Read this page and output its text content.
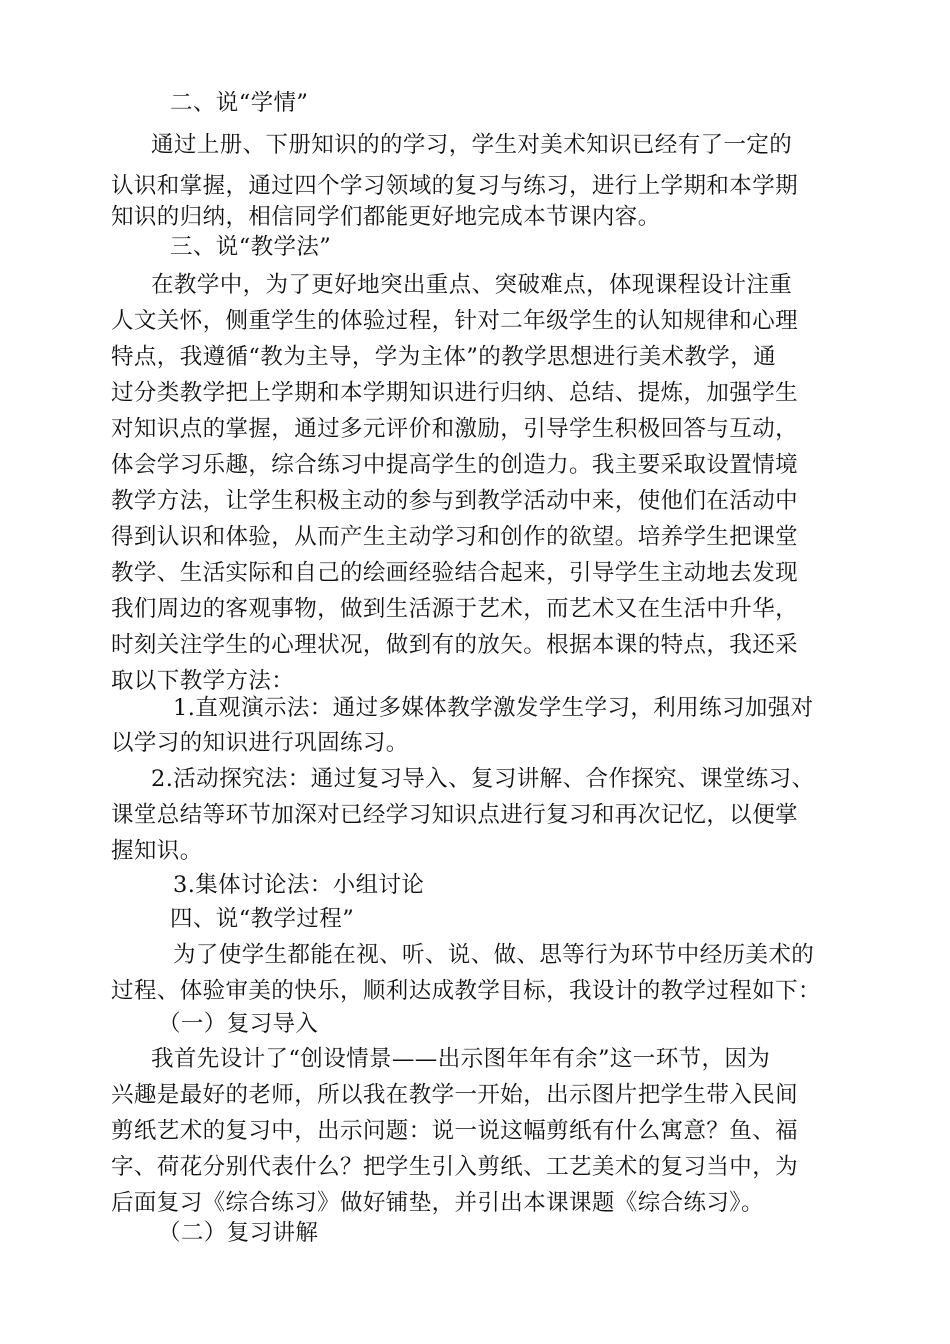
二、说“学情”
通过上册、下册知识的的学习，学生对美术知识已经有了一定的
认识和掌握，通过四个学习领域的复习与练习，进行上学期和本学期
知识的归纳，相信同学们都能更好地完成本节课内容。
三、说“教学法”
在教学中，为了更好地突出重点、突破难点，体现课程设计注重
人文关怀，侧重学生的体验过程，针对二年级学生的认知规律和心理
特点，我遵循“教为主导，学为主体”的教学思想进行美术教学，通
过分类教学把上学期和本学期知识进行归纳、总结、提炼，加强学生
对知识点的掌握，通过多元评价和激励，引导学生积极回答与互动，
体会学习乐趣，综合练习中提高学生的创造力。我主要采取设置情境
教学方法，让学生积极主动的参与到教学活动中来，使他们在活动中
得到认识和体验，从而产生主动学习和创作的欲望。培养学生把课堂
教学、生活实际和自己的绘画经验结合起来，引导学生主动地去发现
我们周边的客观事物，做到生活源于艺术，而艺术又在生活中升华，
时刻关注学生的心理状况，做到有的放矢。根据本课的特点，我还采
取以下教学方法：
1.直观演示法：通过多媒体教学激发学生学习，利用练习加强对
以学习的知识进行巩固练习。
2.活动探究法：通过复习导入、复习讲解、合作探究、课堂练习、
课堂总结等环节加深对已经学习知识点进行复习和再次记忆，以便掌
握知识。
3.集体讨论法：小组讨论
四、说“教学过程”
为了使学生都能在视、听、说、做、思等行为环节中经历美术的
过程、体验审美的快乐，顺利达成教学目标，我设计的教学过程如下：
（一）复习导入
我首先设计了“创设情景——出示图年年有余”这一环节，因为
兴趣是最好的老师，所以我在教学一开始，出示图片把学生带入民间
剪纸艺术的复习中，出示问题：说一说这幅剪纸有什么寓意？鱼、福
字、荷花分别代表什么？把学生引入剪纸、工艺美术的复习当中，为
后面复习《综合练习》做好铺垫，并引出本课课题《综合练习》。
（二）复习讲解
